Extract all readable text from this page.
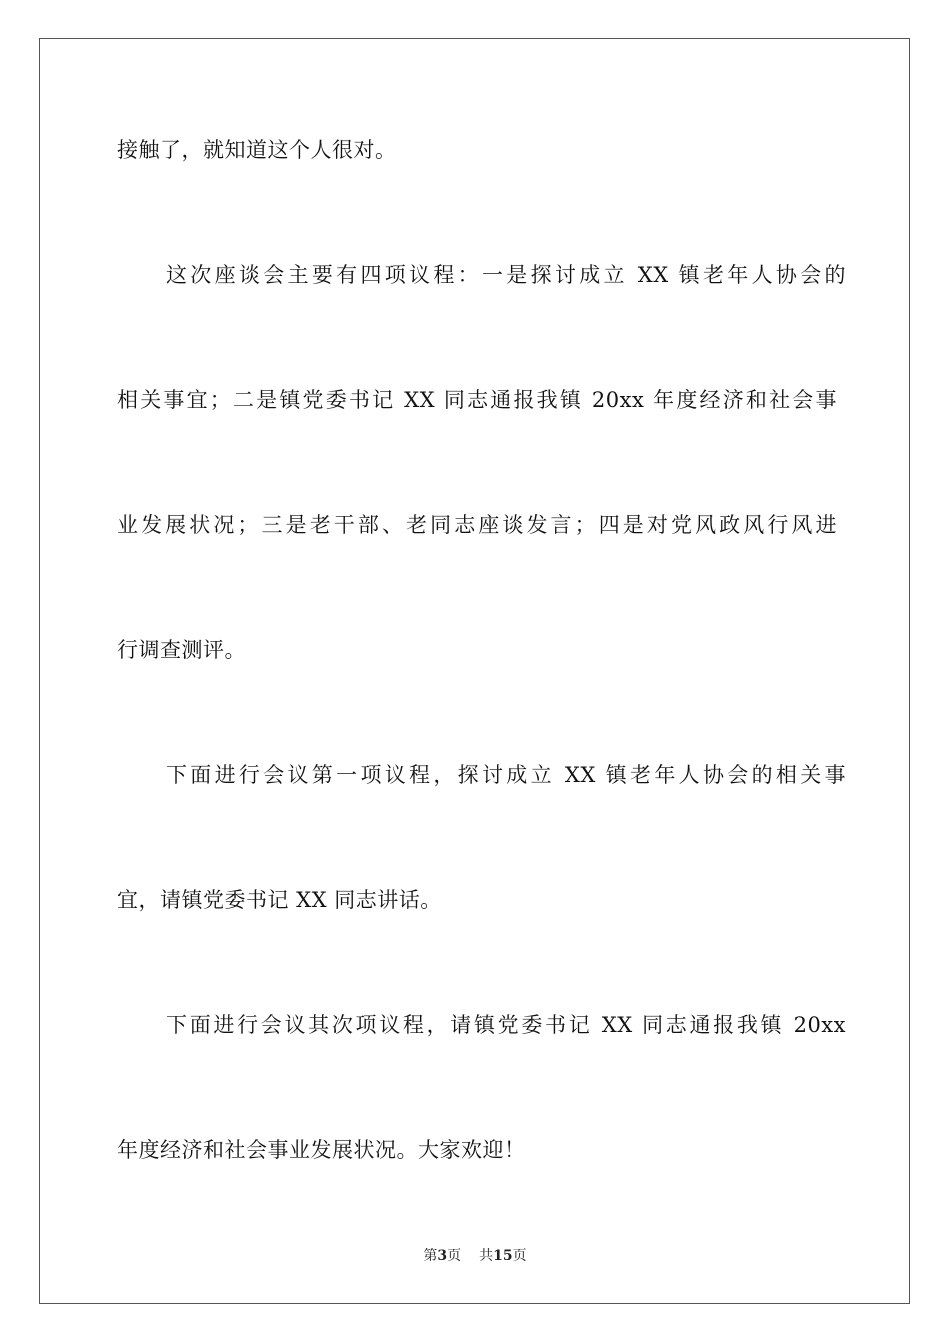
接触了，就知道这个人很对。
这次座谈会主要有四项议程：一是探讨成立 XX 镇老年人协会的
相关事宜；二是镇党委书记 XX 同志通报我镇 20xx 年度经济和社会事
业发展状况；三是老干部、老同志座谈发言；四是对党风政风行风进
行调查测评。
下面进行会议第一项议程，探讨成立 XX 镇老年人协会的相关事
宜，请镇党委书记 XX 同志讲话。
下面进行会议其次项议程，请镇党委书记 XX 同志通报我镇 20xx
年度经济和社会事业发展状况。大家欢迎！
第3页 共15页
